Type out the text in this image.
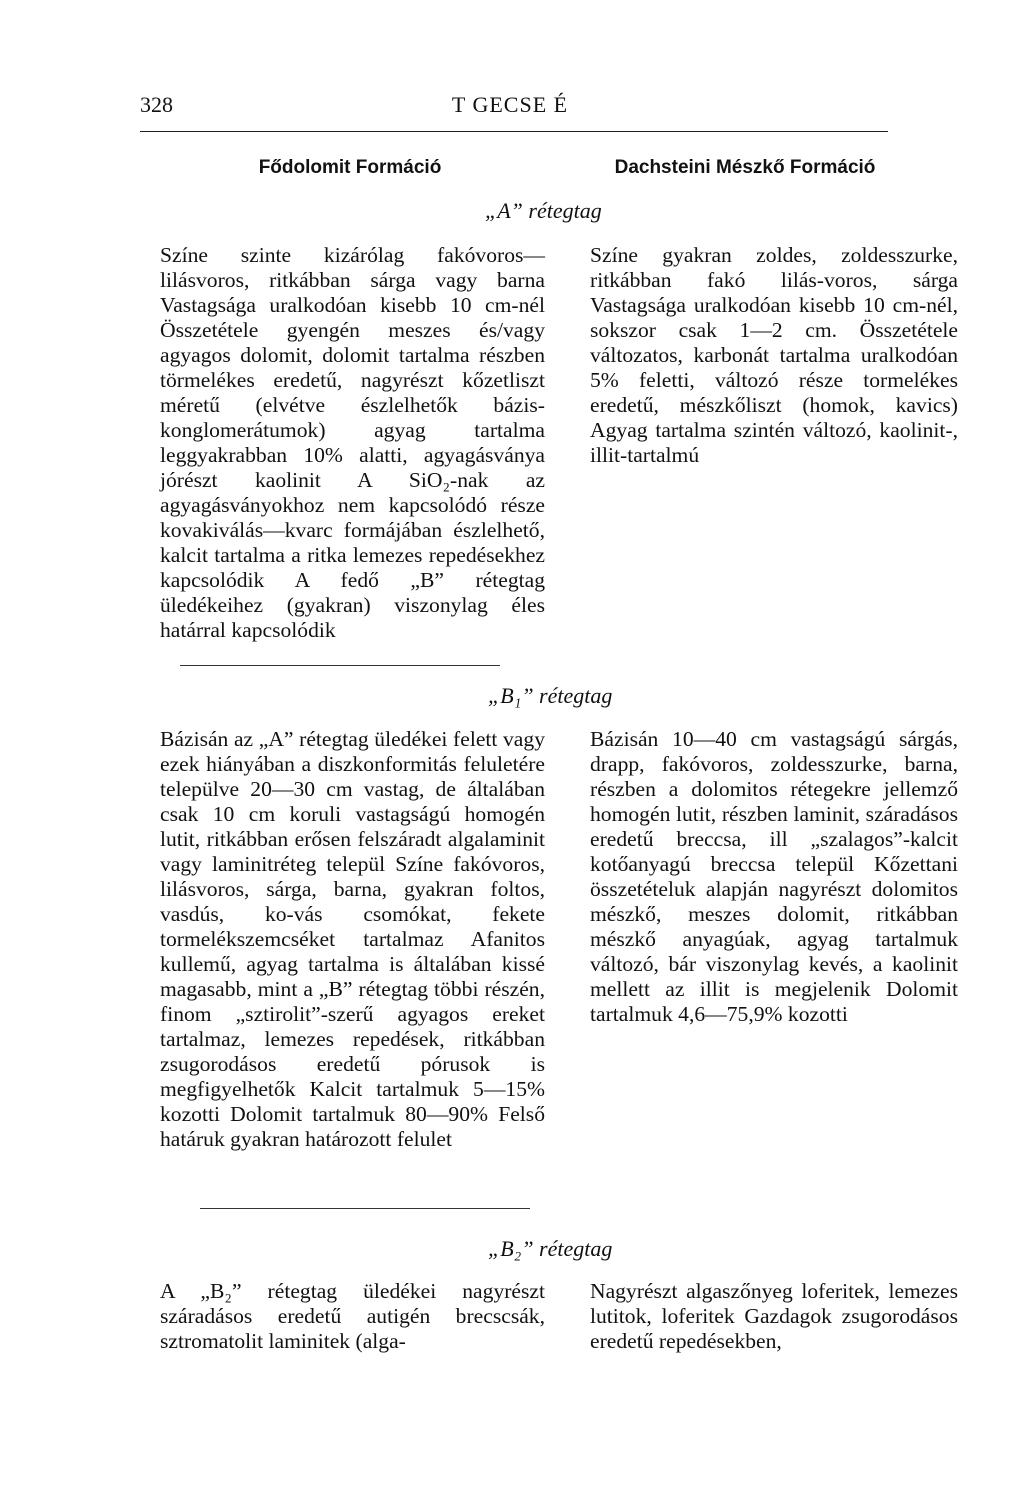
328	T GECSE É
Fődolomit Formáció	Dachsteini Mészkő Formáció
„A” rétegtag

Színe szinte kizárólag fakóvoros—lilásvoros, ritkábban sárga vagy barna Vastagsága uralkodóan kisebb 10 cm-nél Összetétele gyengén meszes és/vagy agyagos dolomit, dolomit tartalma részben törmelékes eredetű, nagyrészt kőzetliszt méretű (elvétve észlelhetők báziskonglomerátumok) agyag tartalma leggyakrabban 10% alatti, agyagásványa jórészt kaolinit A SiO₂-nak az agyagásványokhoz nem kapcsolódó része kovakiválás—kvarc formájában észlelhető, kalcit tartalma a ritka lemezes repedésekhez kapcsolódik A fedő „B” rétegtag üledékeihez (gyakran) viszonylag éles határral kapcsolódik

Színe gyakran zoldes, zoldesszurke, ritkábban fakó lilás-voros, sárga Vastagsága uralkodóan kisebb 10 cm-nél, sokszor csak 1—2 cm. Összetétele változatos, karbonát tartalma uralkodóan 5% feletti, változó része tormelékes eredetű, mészkőliszt (homok, kavics) Agyag tartalma szintén változó, kaolinit-, illit-tartalmú

„B₁” rétegtag

Bázisán az „A” rétegtag üledékei felett vagy ezek hiányában a diszkonformitás feluletére települve 20—30 cm vastag, de általában csak 10 cm koruli vastagságú homogén lutit, ritkábban erősen felszáradt algalaminit vagy laminitréteg települ Színe fakóvoros, lilásvoros, sárga, barna, gyakran foltos, vasdús, ko-vás csomókat, fekete tormelékszemcséket tartalmaz Afanitos kullemű, agyag tartalma is általában kissé magasabb, mint a „B” rétegtag többi részén, finom „sztirolit”-szerű agyagos ereket tartalmaz, lemezes repedések, ritkábban zsugorodásos eredetű pórusok is megfigyelhetők Kalcit tartalmuk 5—15% kozotti Dolomit tartalmuk 80—90% Felső határuk gyakran határozott felulet

Bázisán 10—40 cm vastagságú sárgás, drapp, fakóvoros, zoldesszurke, barna, részben a dolomitos rétegekre jellemző homogén lutit, részben laminit, száradásos eredetű breccsa, ill „szalagos”-kalcit kotőanyagú breccsa települ Kőzettani összetételuk alapján nagyrészt dolomitos mészkő, meszes dolomit, ritkábban mészkő anyagúak, agyag tartalmuk változó, bár viszonylag kevés, a kaolinit mellett az illit is megjelenik Dolomit tartalmuk 4,6—75,9% kozotti

„B₂” rétegtag

A „B₂” rétegtag üledékei nagyrészt száradásos eredetű autigén brecscsák, sztromatolit laminitek (alga-

Nagyrészt algaszőnyeg loferitek, lemezes lutitok, loferitek Gazdagok zsugorodásos eredetű repedésekben,
